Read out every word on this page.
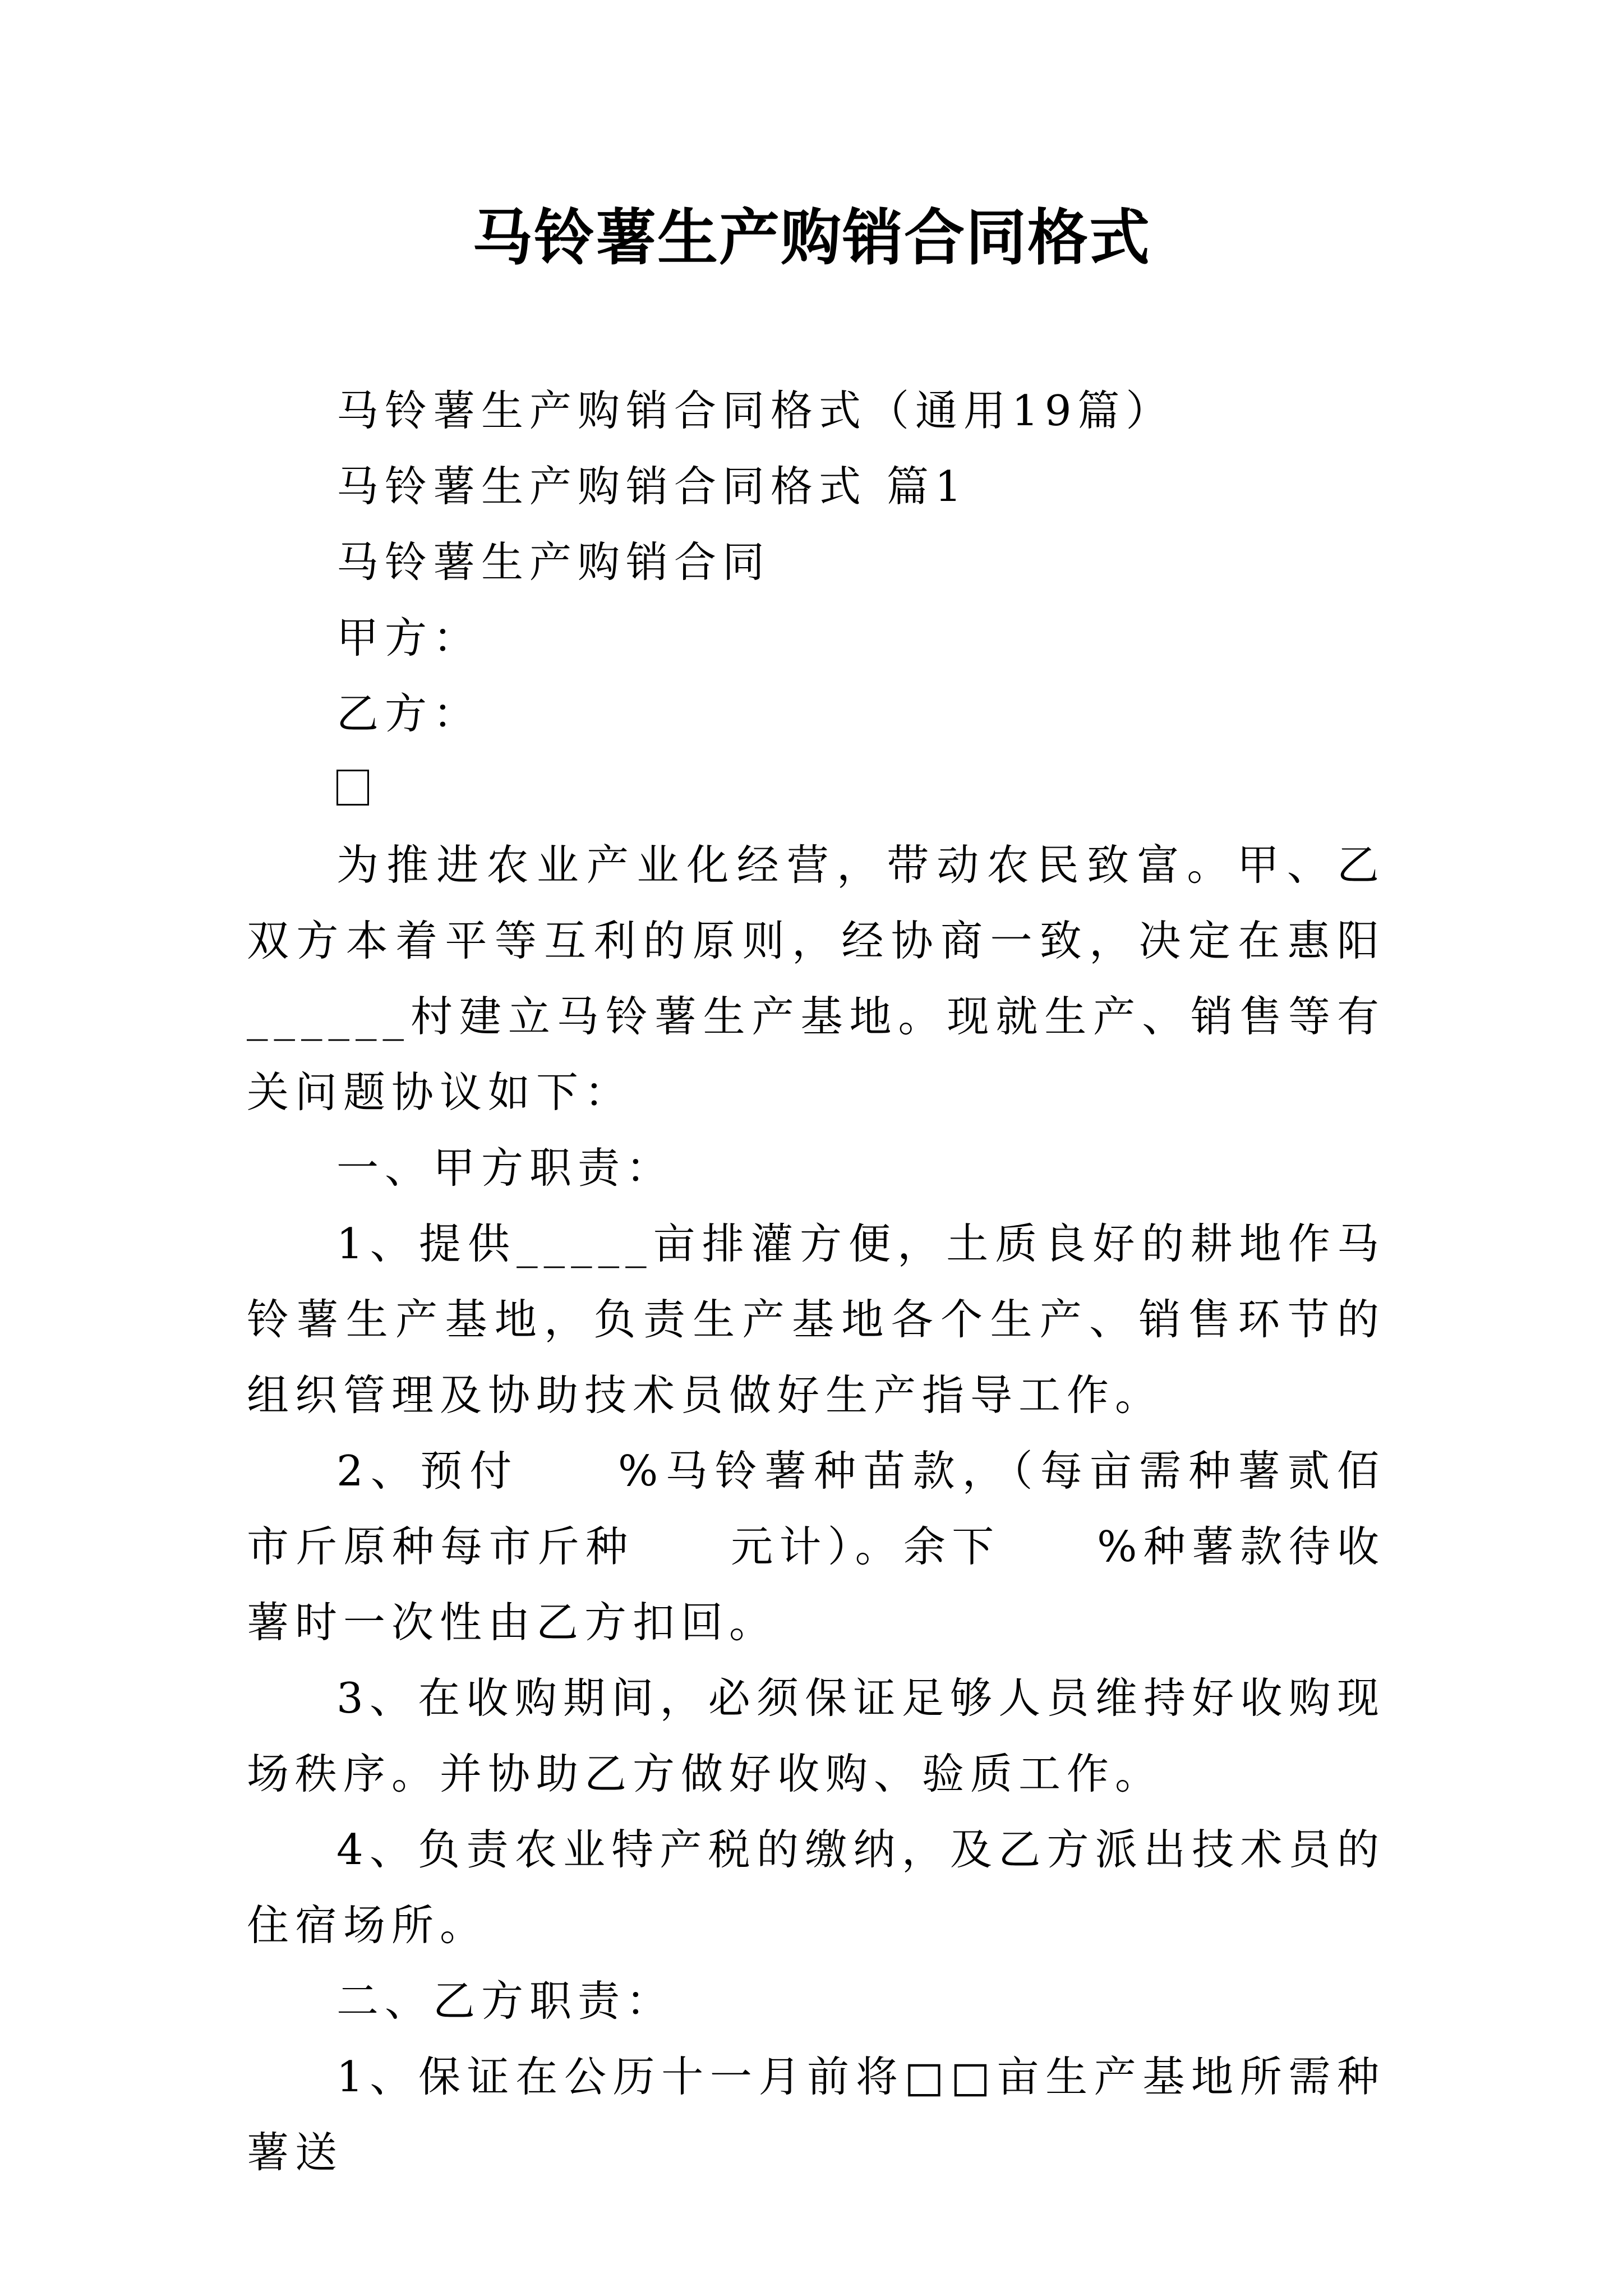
马铃薯生产购销合同格式

马铃薯生产购销合同格式（通用19篇）

马铃薯生产购销合同格式 篇1

马铃薯生产购销合同

甲方：

乙方：

为推进农业产业化经营，带动农民致富。甲、乙双方本着平等互利的原则，经协商一致，决定在惠阳______村建立马铃薯生产基地。现就生产、销售等有关问题协议如下：

一、甲方职责：

1、提供_____亩排灌方便，土质良好的耕地作马铃薯生产基地，负责生产基地各个生产、销售环节的组织管理及协助技术员做好生产指导工作。

2、预付　　%马铃薯种苗款，（每亩需种薯贰佰市斤原种每市斤种　　元计）。余下　　%种薯款待收薯时一次性由乙方扣回。

3、在收购期间，必须保证足够人员维持好收购现场秩序。并协助乙方做好收购、验质工作。

4、负责农业特产税的缴纳，及乙方派出技术员的住宿场所。

二、乙方职责：

1、保证在公历十一月前将□□亩生产基地所需种薯送
